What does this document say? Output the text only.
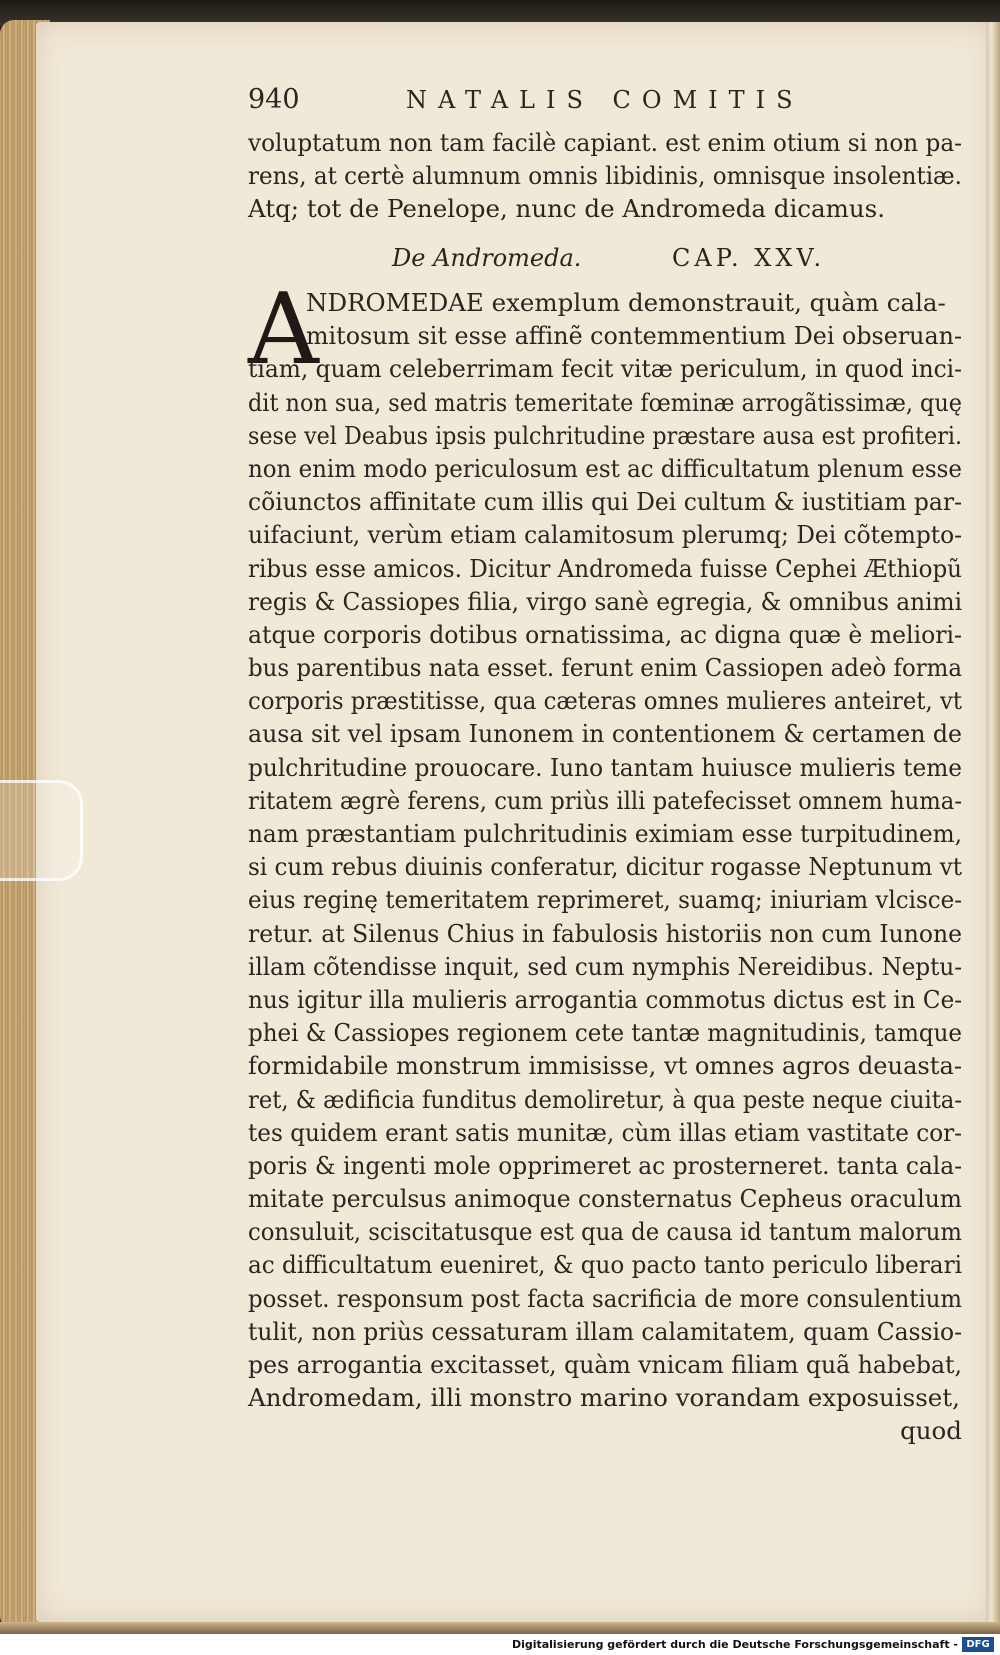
940	NATALIS COMITIS
voluptatum non tam facilè capiant. est enim otium si non pa‑
rens, at certè alumnum omnis libidinis, omnisque insolentiæ.
Atq; tot de Penelope, nunc de Andromeda dicamus.
De Andromeda.	CAP. XXV.
A
NDROMEDAE exemplum demonstrauit, quàm cala‑
mitosum sit esse affinẽ contemmentium Dei obseruan‑
tiam, quam celeberrimam fecit vitæ periculum, in quod inci‑
dit non sua, sed matris temeritate fœminæ arrogãtissimæ, quę
sese vel Deabus ipsis pulchritudine præstare ausa est profiteri.
non enim modo periculosum est ac difficultatum plenum esse
cõiunctos affinitate cum illis qui Dei cultum & iustitiam par‑
uifaciunt, verùm etiam calamitosum plerumq; Dei cõtempto‑
ribus esse amicos. Dicitur Andromeda fuisse Cephei Æthiopũ
regis & Cassiopes filia, virgo sanè egregia, & omnibus animi
atque corporis dotibus ornatissima, ac digna quæ è meliori‑
bus parentibus nata esset. ferunt enim Cassiopen adeò forma
corporis præstitisse, qua cæteras omnes mulieres anteiret, vt
ausa sit vel ipsam Iunonem in contentionem & certamen de
pulchritudine prouocare. Iuno tantam huiusce mulieris teme
ritatem ægrè ferens, cum priùs illi patefecisset omnem huma‑
nam præstantiam pulchritudinis eximiam esse turpitudinem,
si cum rebus diuinis conferatur, dicitur rogasse Neptunum vt
eius reginę temeritatem reprimeret, suamq; iniuriam vlcisce‑
retur. at Silenus Chius in fabulosis historiis non cum Iunone
illam cõtendisse inquit, sed cum nymphis Nereidibus. Neptu‑
nus igitur illa mulieris arrogantia commotus dictus est in Ce‑
phei & Cassiopes regionem cete tantæ magnitudinis, tamque
formidabile monstrum immisisse, vt omnes agros deuasta‑
ret, & ædificia funditus demoliretur, à qua peste neque ciuita‑
tes quidem erant satis munitæ, cùm illas etiam vastitate cor‑
poris & ingenti mole opprimeret ac prosterneret. tanta cala‑
mitate perculsus animoque consternatus Cepheus oraculum
consuluit, sciscitatusque est qua de causa id tantum malorum
ac difficultatum eueniret, & quo pacto tanto periculo liberari
posset. responsum post facta sacrificia de more consulentium
tulit, non priùs cessaturam illam calamitatem, quam Cassio‑
pes arrogantia excitasset, quàm vnicam filiam quã habebat,
Andromedam, illi monstro marino vorandam exposuisset,
quod
Digitalisierung gefördert durch die Deutsche Forschungsgemeinschaft - DFG
